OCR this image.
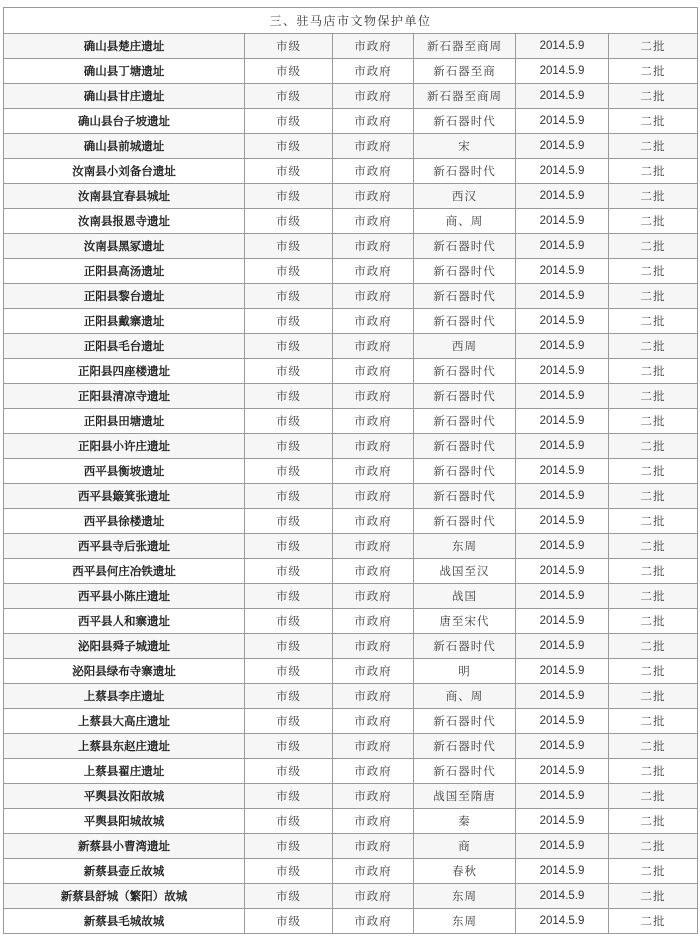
三、驻马店市文物保护单位					
确山县楚庄遗址	市级	市政府	新石器至商周	2014.5.9	二批
确山县丁塘遗址	市级	市政府	新石器至商	2014.5.9	二批
确山县甘庄遗址	市级	市政府	新石器至商周	2014.5.9	二批
确山县台子坡遗址	市级	市政府	新石器时代	2014.5.9	二批
确山县前城遗址	市级	市政府	宋	2014.5.9	二批
汝南县小刘备台遗址	市级	市政府	新石器时代	2014.5.9	二批
汝南县宜春县城址	市级	市政府	西汉	2014.5.9	二批
汝南县报恩寺遗址	市级	市政府	商、周	2014.5.9	二批
汝南县黑冢遗址	市级	市政府	新石器时代	2014.5.9	二批
正阳县高汤遗址	市级	市政府	新石器时代	2014.5.9	二批
正阳县黎台遗址	市级	市政府	新石器时代	2014.5.9	二批
正阳县戴寨遗址	市级	市政府	新石器时代	2014.5.9	二批
正阳县毛台遗址	市级	市政府	西周	2014.5.9	二批
正阳县四座楼遗址	市级	市政府	新石器时代	2014.5.9	二批
正阳县清凉寺遗址	市级	市政府	新石器时代	2014.5.9	二批
正阳县田塘遗址	市级	市政府	新石器时代	2014.5.9	二批
正阳县小许庄遗址	市级	市政府	新石器时代	2014.5.9	二批
西平县衡坡遗址	市级	市政府	新石器时代	2014.5.9	二批
西平县簸箕张遗址	市级	市政府	新石器时代	2014.5.9	二批
西平县徐楼遗址	市级	市政府	新石器时代	2014.5.9	二批
西平县寺后张遗址	市级	市政府	东周	2014.5.9	二批
西平县何庄冶铁遗址	市级	市政府	战国至汉	2014.5.9	二批
西平县小陈庄遗址	市级	市政府	战国	2014.5.9	二批
西平县人和寨遗址	市级	市政府	唐至宋代	2014.5.9	二批
泌阳县舜子城遗址	市级	市政府	新石器时代	2014.5.9	二批
泌阳县绿布寺寨遗址	市级	市政府	明	2014.5.9	二批
上蔡县李庄遗址	市级	市政府	商、周	2014.5.9	二批
上蔡县大高庄遗址	市级	市政府	新石器时代	2014.5.9	二批
上蔡县东赵庄遗址	市级	市政府	新石器时代	2014.5.9	二批
上蔡县翟庄遗址	市级	市政府	新石器时代	2014.5.9	二批
平舆县汝阳故城	市级	市政府	战国至隋唐	2014.5.9	二批
平舆县阳城故城	市级	市政府	秦	2014.5.9	二批
新蔡县小曹湾遗址	市级	市政府	商	2014.5.9	二批
新蔡县壶丘故城	市级	市政府	春秋	2014.5.9	二批
新蔡县舒城（繁阳）故城	市级	市政府	东周	2014.5.9	二批
新蔡县毛城故城	市级	市政府	东周	2014.5.9	二批
